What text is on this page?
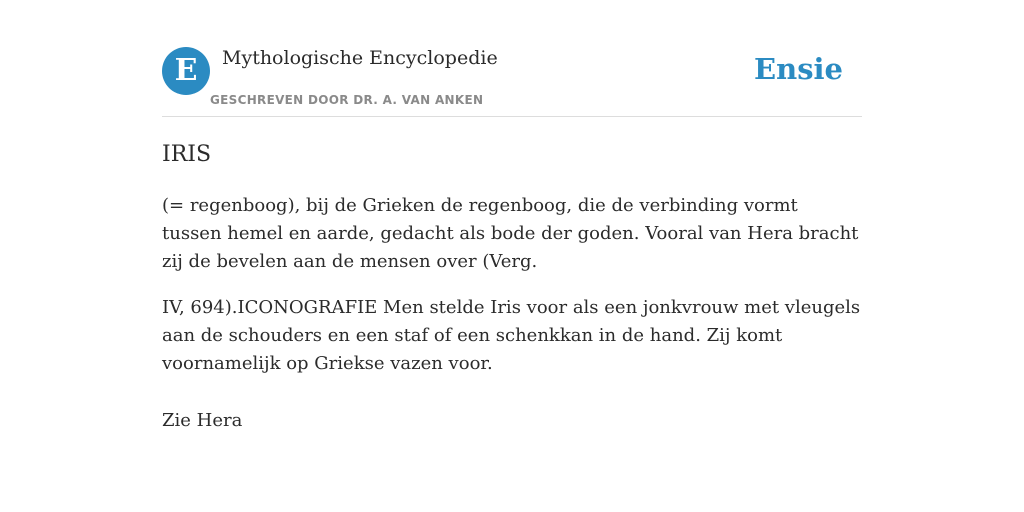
E	Mythologische Encyclopedie
GESCHREVEN DOOR DR. A. VAN ANKEN
Ensie
IRIS

(= regenboog), bij de Grieken de regenboog, die de verbinding vormt tussen hemel en aarde, gedacht als bode der goden. Vooral van Hera bracht zij de bevelen aan de mensen over (Verg.

IV, 694).ICONOGRAFIE Men stelde Iris voor als een jonkvrouw met vleugels aan de schouders en een staf of een schenkkan in de hand. Zij komt voornamelijk op Griekse vazen voor.

Zie Hera
